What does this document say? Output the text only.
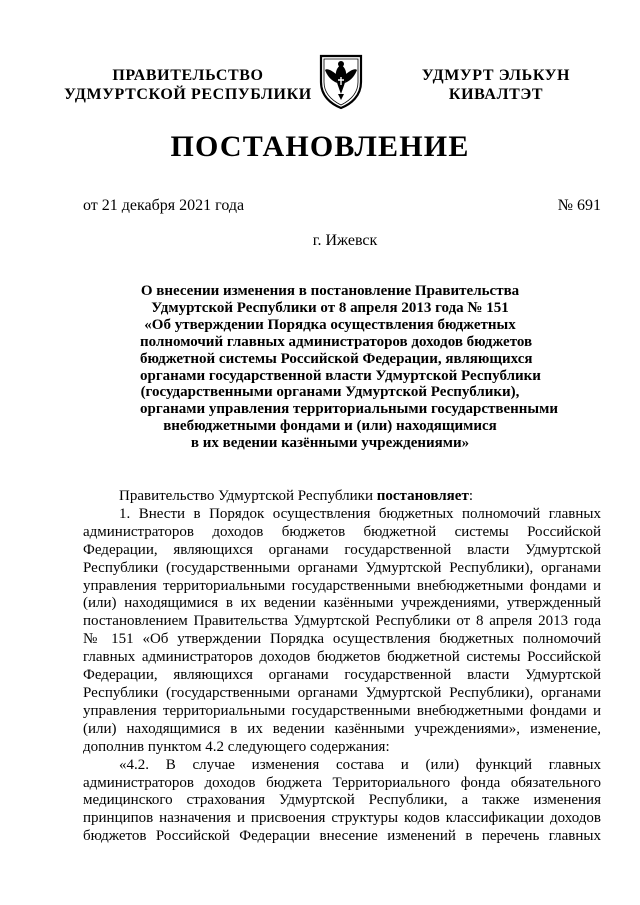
ПРАВИТЕЛЬСТВО
УДМУРТСКОЙ РЕСПУБЛИКИ
УДМУРТ ЭЛЬКУН
КИВАЛТЭТ
ПОСТАНОВЛЕНИЕ
от 21 декабря 2021 года	№ 691
г. Ижевск
О внесении изменения в постановление Правительства
Удмуртской Республики от 8 апреля 2013 года № 151
«Об утверждении Порядка осуществления бюджетных
полномочий главных администраторов доходов бюджетов
бюджетной системы Российской Федерации, являющихся
органами государственной власти Удмуртской Республики
(государственными органами Удмуртской Республики),
органами управления территориальными государственными
внебюджетными фондами и (или) находящимися
в их ведении казёнными учреждениями»

Правительство Удмуртской Республики постановляет:

1. Внести в Порядок осуществления бюджетных полномочий главных администраторов доходов бюджетов бюджетной системы Российской Федерации, являющихся органами государственной власти Удмуртской Республики (государственными органами Удмуртской Республики), органами управления территориальными государственными внебюджетными фондами и (или) находящимися в их ведении казёнными учреждениями, утвержденный постановлением Правительства Удмуртской Республики от 8 апреля 2013 года № 151 «Об утверждении Порядка осуществления бюджетных полномочий главных администраторов доходов бюджетов бюджетной системы Российской Федерации, являющихся органами государственной власти Удмуртской Республики (государственными органами Удмуртской Республики), органами управления территориальными государственными внебюджетными фондами и (или) находящимися в их ведении казёнными учреждениями», изменение, дополнив пунктом 4.2 следующего содержания:

«4.2. В случае изменения состава и (или) функций главных администраторов доходов бюджета Территориального фонда обязательного медицинского страхования Удмуртской Республики, а также изменения принципов назначения и присвоения структуры кодов классификации доходов бюджетов Российской Федерации внесение изменений в перечень главных
